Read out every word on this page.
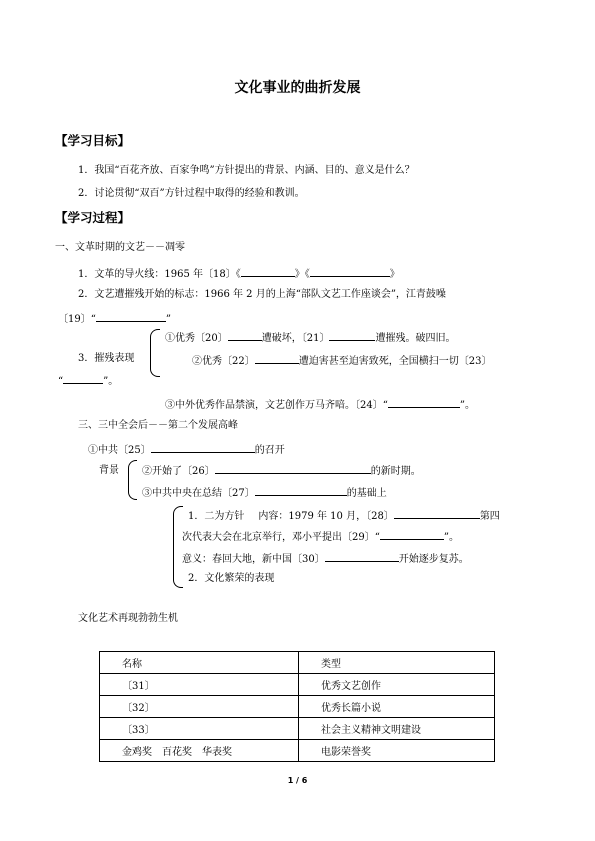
文化事业的曲折发展
【学习目标】
1．我国“百花齐放、百家争鸣”方针提出的背景、内涵、目的、意义是什么？
2．讨论贯彻“双百”方针过程中取得的经验和教训。
【学习过程】
一、文革时期的文艺－－凋零
1．文革的导火线：1965 年〔18〕《	》《	》
2．文艺遭摧残开始的标志：1966 年 2 月的上海“部队文艺工作座谈会”，江青鼓噪
〔19〕“	”
①优秀〔20〕	遭破坏，〔21〕	遭摧残。破四旧。
3．摧残表现	②优秀〔22〕	遭迫害甚至迫害致死，全国横扫一切〔23〕
“	”。
③中外优秀作品禁演，文艺创作万马齐喑。〔24〕“	”。
三、三中全会后－－第二个发展高峰
①中共〔25〕	的召开
背景 ②开始了〔26〕	的新时期。
③中共中央在总结〔27〕	的基础上
1．二为方针 内容：1979 年 10 月，〔28〕	第四
次代表大会在北京举行，邓小平提出〔29〕“	”。
意义：春回大地，新中国〔30〕	开始逐步复苏。
2．文化繁荣的表现
文化艺术再现勃勃生机
名称	类型
〔31〕	优秀文艺创作
〔32〕	优秀长篇小说
〔33〕	社会主义精神文明建设
金鸡奖　百花奖　华表奖	电影荣誉奖
1 / 6
